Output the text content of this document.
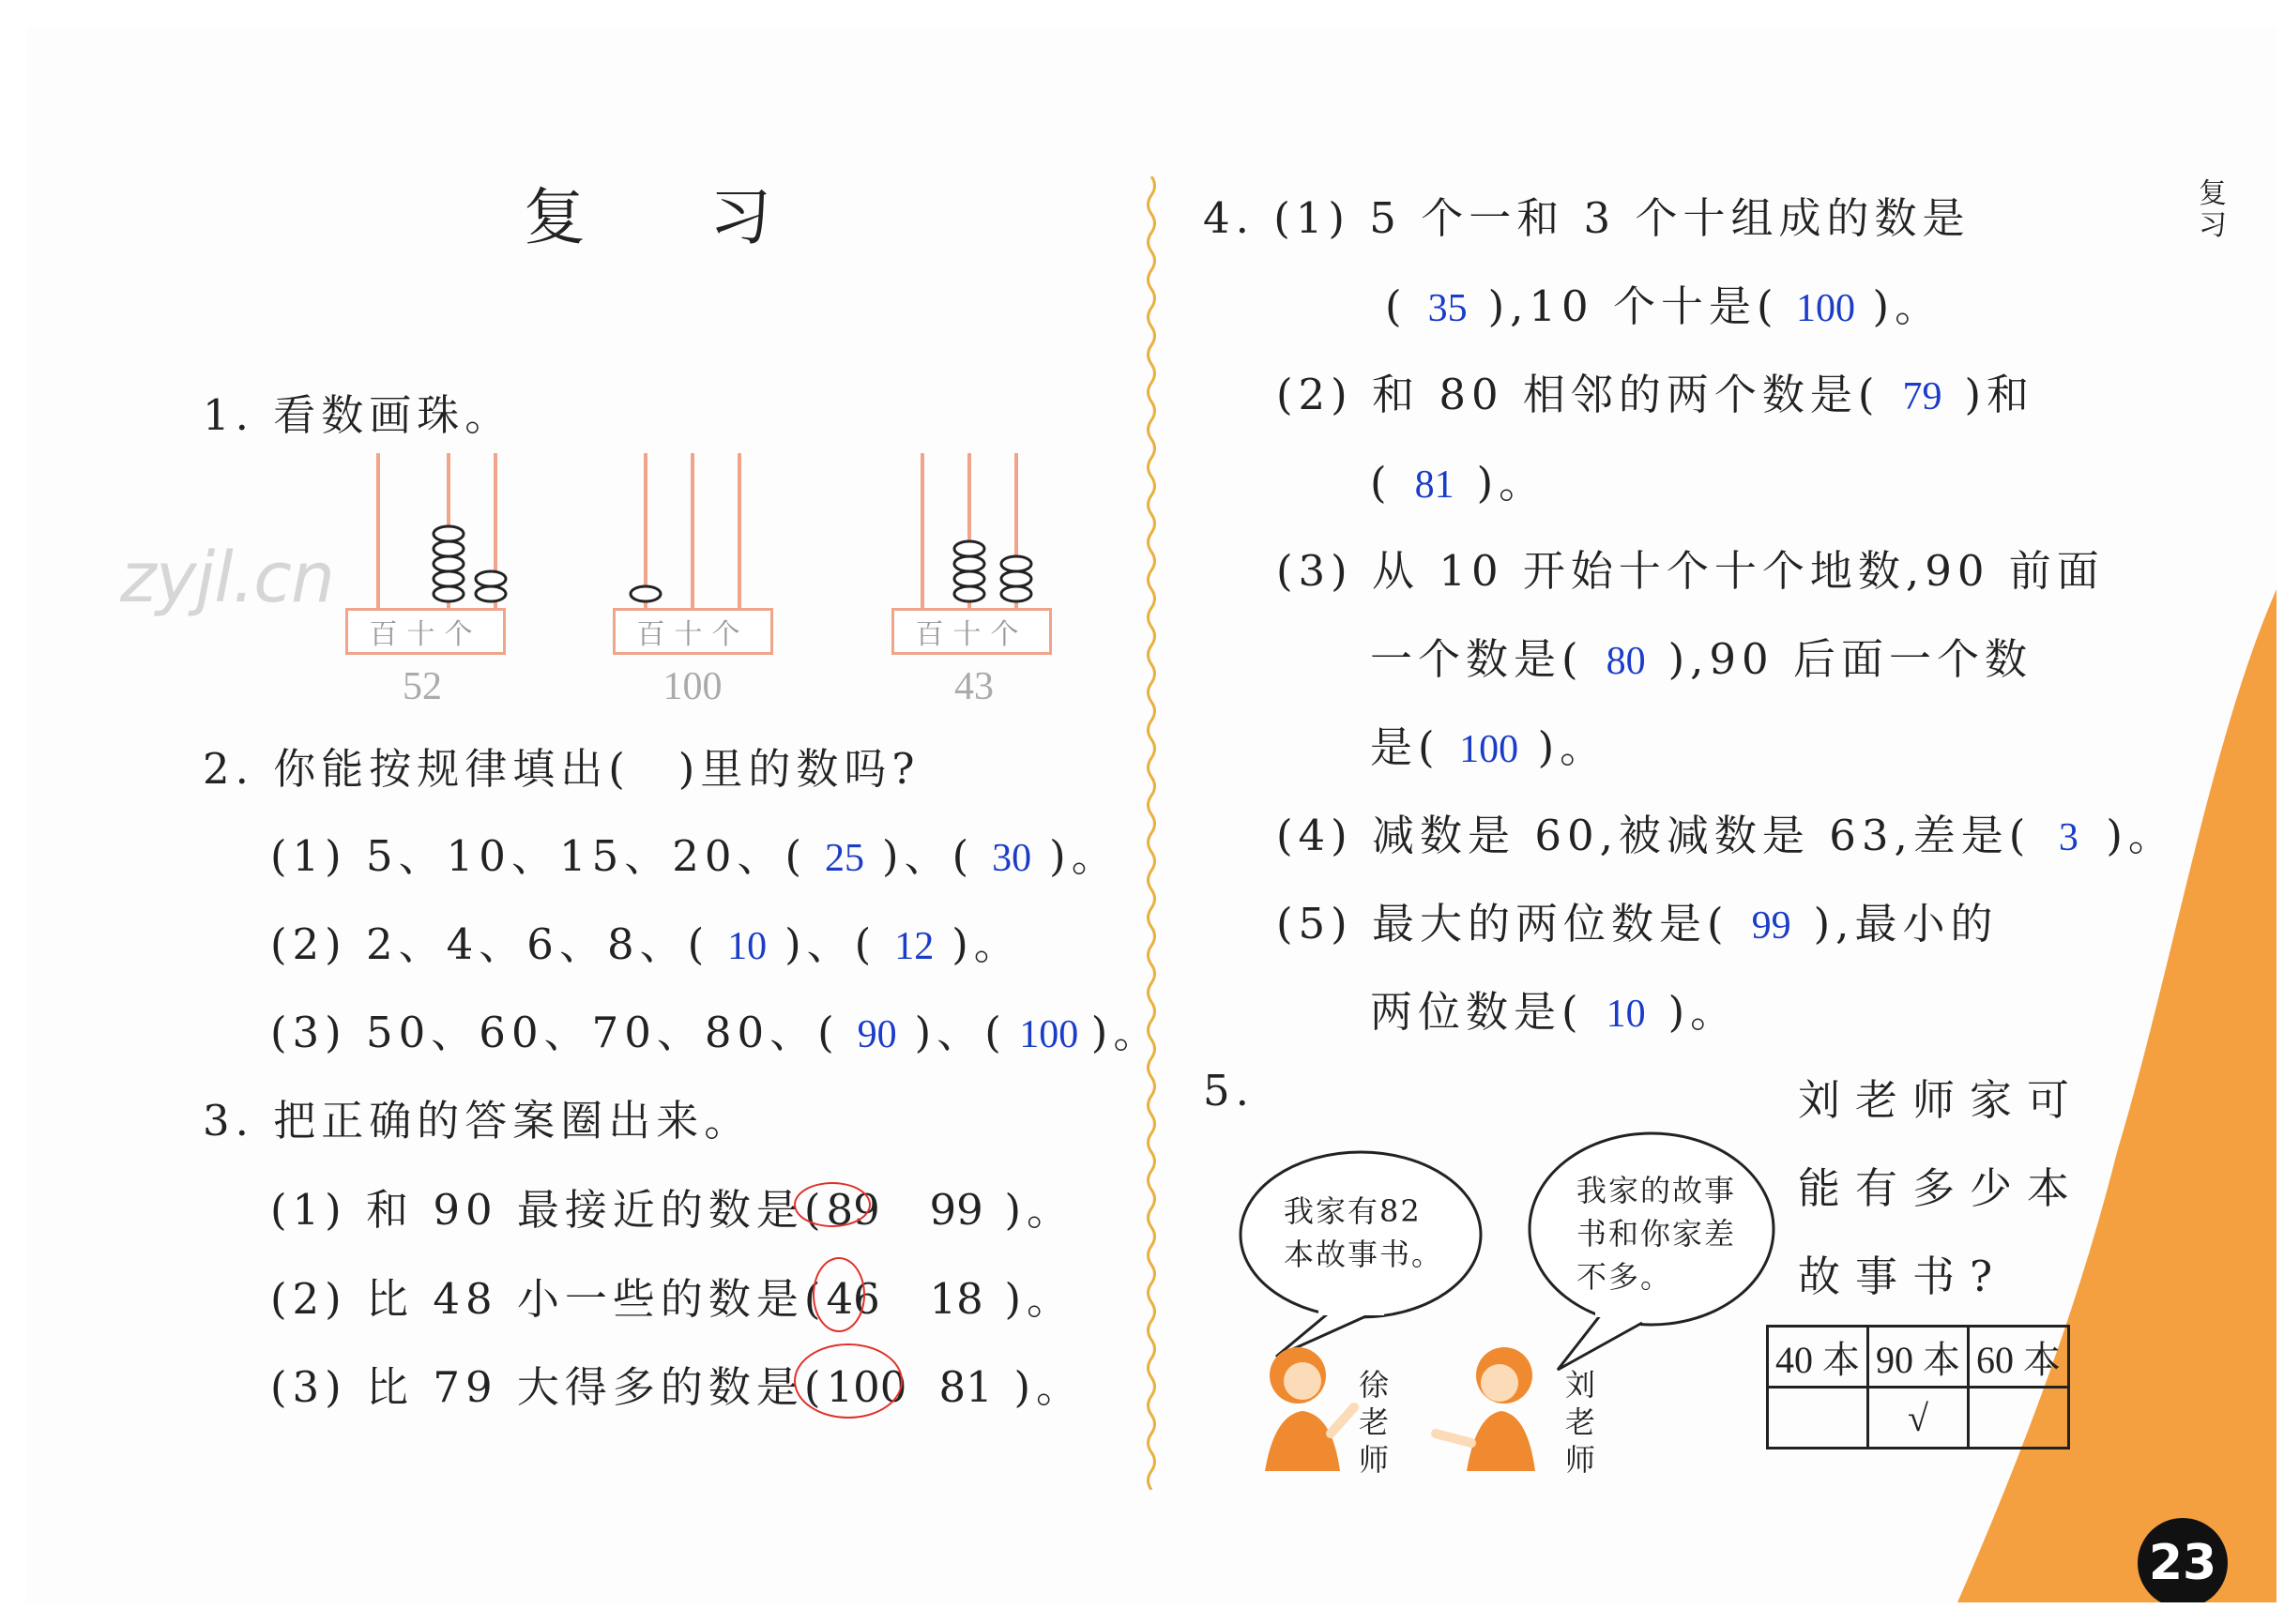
复
习
23
复　　习
zyjl.cn
1. 看数画珠。
百十个
52
百十个
100
百十个
43
2. 你能按规律填出(　)里的数吗?
(1) 5、10、15、20、( 25 )、( 30 )。
(2) 2、4、6、8、( 10 )、( 12 )。
(3) 50、60、70、80、( 90 )、( 100 )。
3. 把正确的答案圈出来。
(1) 和 90 最接近的数是(89 99 )。
(2) 比 48 小一些的数是(46 18 )。
(3) 比 79 大得多的数是(100 81 )。
4. (1) 5 个一和 3 个十组成的数是
( 35 ),10 个十是( 100 )。
(2) 和 80 相邻的两个数是( 79 )和
( 81 )。
(3) 从 10 开始十个十个地数,90 前面
一个数是( 80 ),90 后面一个数
是( 100 )。
(4) 减数是 60,被减数是 63,差是( 3 )。
(5) 最大的两位数是( 99 ),最小的
两位数是( 10 )。
5.	刘老师家可
能有多少本
故事书?
我家有82本故事书。
我家的故事书和你家差不多。
徐
老
师
刘
老
师
40 本	90 本	60 本
	√	
